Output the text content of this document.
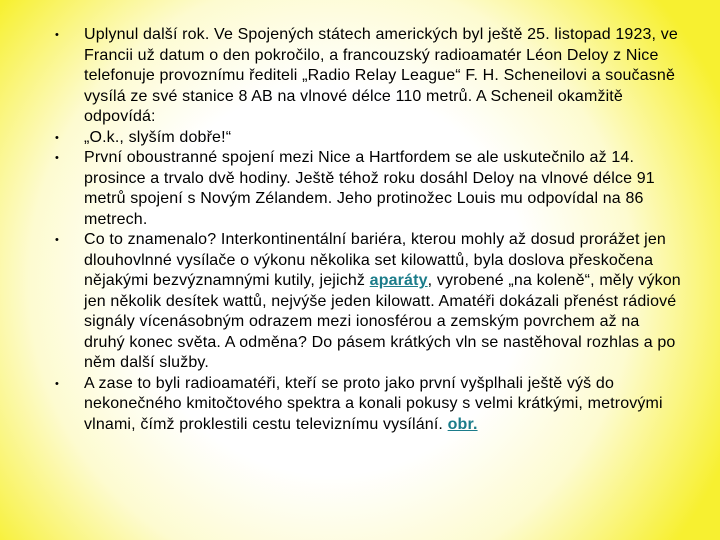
• Uplynul další rok. Ve Spojených státech amerických byl ještě 25. listopad 1923, ve Francii už datum o den pokročilo, a francouzský radioamatér Léon Deloy z Nice telefonuje provoznímu řediteli „Radio Relay League“ F. H. Scheneilovi a současně vysílá ze své stanice 8 AB na vlnové délce 110 metrů. A Scheneil okamžitě odpovídá:
• „O.k., slyším dobře!“
• První oboustranné spojení mezi Nice a Hartfordem se ale uskutečnilo až 14. prosince a trvalo dvě hodiny. Ještě téhož roku dosáhl Deloy na vlnové délce 91 metrů spojení s Novým Zélandem. Jeho protinožec Louis mu odpovídal na 86 metrech.
• Co to znamenalo? Interkontinentální bariéra, kterou mohly až dosud prorážet jen dlouhovlnné vysílače o výkonu několika set kilowattů, byla doslova přeskočena nějakými bezvýznamnými kutily, jejichž aparáty, vyrobené „na koleně“, měly výkon jen několik desítek wattů, nejvýše jeden kilowatt. Amatéři dokázali přenést rádiové signály vícenásobným odrazem mezi ionosférou a zemským povrchem až na druhý konec světa. A odměna? Do pásem krátkých vln se nastěhoval rozhlas a po něm další služby.
• A zase to byli radioamatéři, kteří se proto jako první vyšplhali ještě výš do nekonečného kmitočtového spektra a konali pokusy s velmi krátkými, metrovými vlnami, čímž proklestili cestu televiznímu vysílání. obr.
